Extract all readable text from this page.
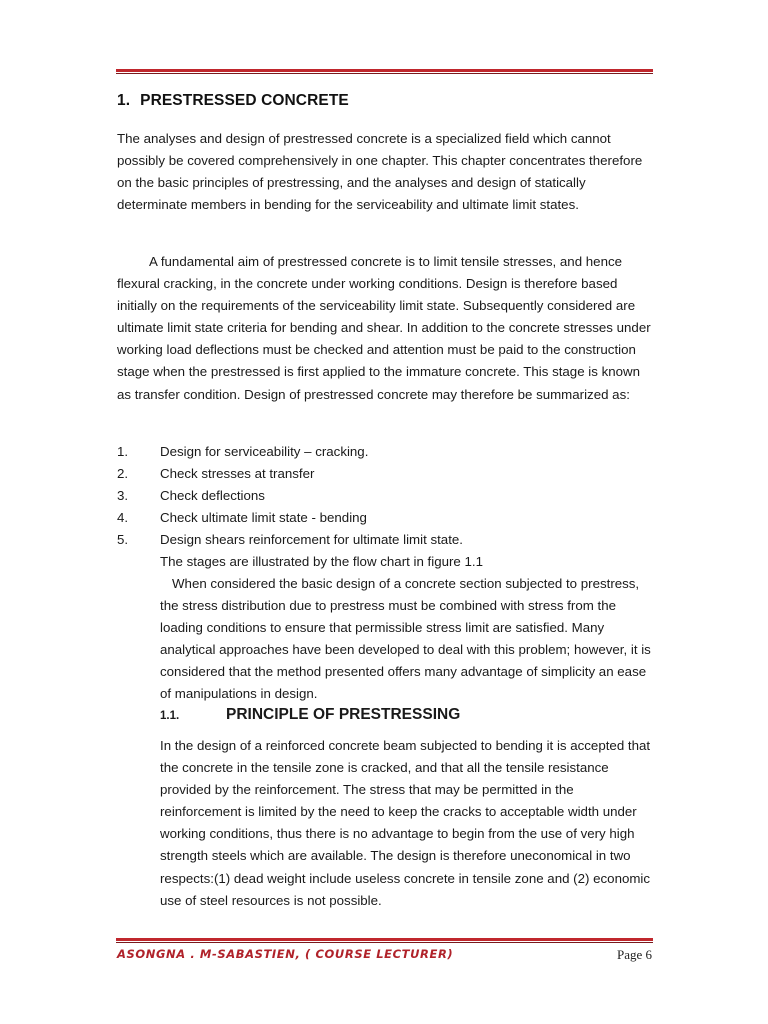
1. PRESTRESSED CONCRETE

The analyses and design of prestressed concrete is a specialized field which cannot possibly be covered comprehensively in one chapter. This chapter concentrates therefore on the basic principles of prestressing, and the analyses and design of statically determinate members in bending for the serviceability and ultimate limit states.

A fundamental aim of prestressed concrete is to limit tensile stresses, and hence flexural cracking, in the concrete under working conditions. Design is therefore based initially on the requirements of the serviceability limit state. Subsequently considered are ultimate limit state criteria for bending and shear. In addition to the concrete stresses under working load deflections must be checked and attention must be paid to the construction stage when the prestressed is first applied to the immature concrete. This stage is known as transfer condition. Design of prestressed concrete may therefore be summarized as:

1.	Design for serviceability – cracking.
2.	Check stresses at transfer
3.	Check deflections
4.	Check ultimate limit state - bending
5.	Design shears reinforcement for ultimate limit state.

The stages are illustrated by the flow chart in figure 1.1

When considered the basic design of a concrete section subjected to prestress, the stress distribution due to prestress must be combined with stress from the loading conditions to ensure that permissible stress limit are satisfied. Many analytical approaches have been developed to deal with this problem; however, it is considered that the method presented offers many advantage of simplicity an ease of manipulations in design.

1.1.	PRINCIPLE OF PRESTRESSING

In the design of a reinforced concrete beam subjected to bending it is accepted that the concrete in the tensile zone is cracked, and that all the tensile resistance provided by the reinforcement. The stress that may be permitted in the reinforcement is limited by the need to keep the cracks to acceptable width under working conditions, thus there is no advantage to begin from the use of very high strength steels which are available. The design is therefore uneconomical in two respects:(1) dead weight include useless concrete in tensile zone and (2) economic use of steel resources is not possible.

ASONGNA . M-SABASTIEN, ( COURSE LECTURER)	Page 6
